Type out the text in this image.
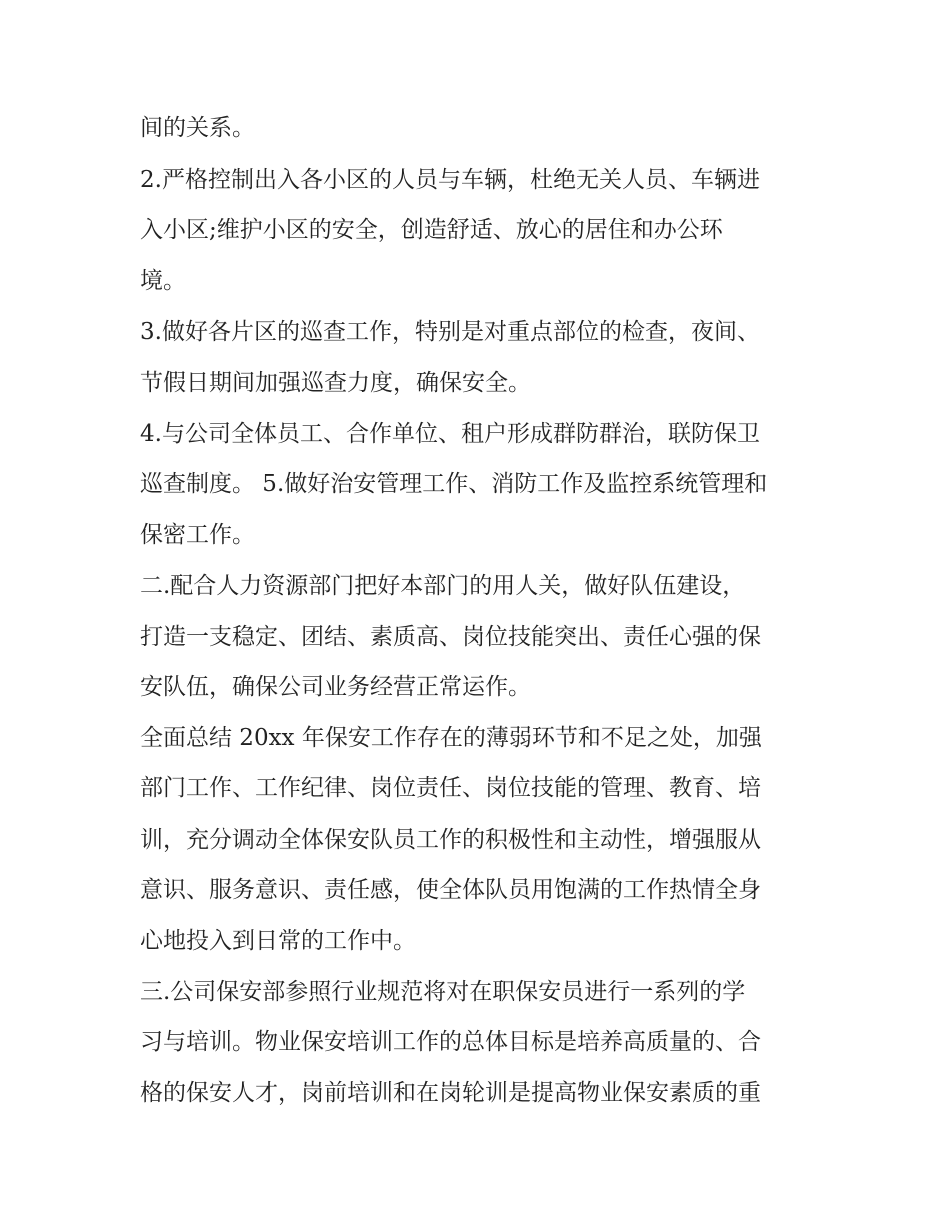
间的关系。

2.严格控制出入各小区的人员与车辆，杜绝无关人员、车辆进

入小区;维护小区的安全，创造舒适、放心的居住和办公环

境。

3.做好各片区的巡查工作，特别是对重点部位的检查，夜间、

节假日期间加强巡查力度，确保安全。

4.与公司全体员工、合作单位、租户形成群防群治，联防保卫

巡查制度。 5.做好治安管理工作、消防工作及监控系统管理和

保密工作。

二.配合人力资源部门把好本部门的用人关，做好队伍建设，

打造一支稳定、团结、素质高、岗位技能突出、责任心强的保

安队伍，确保公司业务经营正常运作。

全面总结 20xx 年保安工作存在的薄弱环节和不足之处，加强

部门工作、工作纪律、岗位责任、岗位技能的管理、教育、培

训，充分调动全体保安队员工作的积极性和主动性，增强服从

意识、服务意识、责任感，使全体队员用饱满的工作热情全身

心地投入到日常的工作中。

三.公司保安部参照行业规范将对在职保安员进行一系列的学

习与培训。物业保安培训工作的总体目标是培养高质量的、合

格的保安人才，岗前培训和在岗轮训是提高物业保安素质的重
